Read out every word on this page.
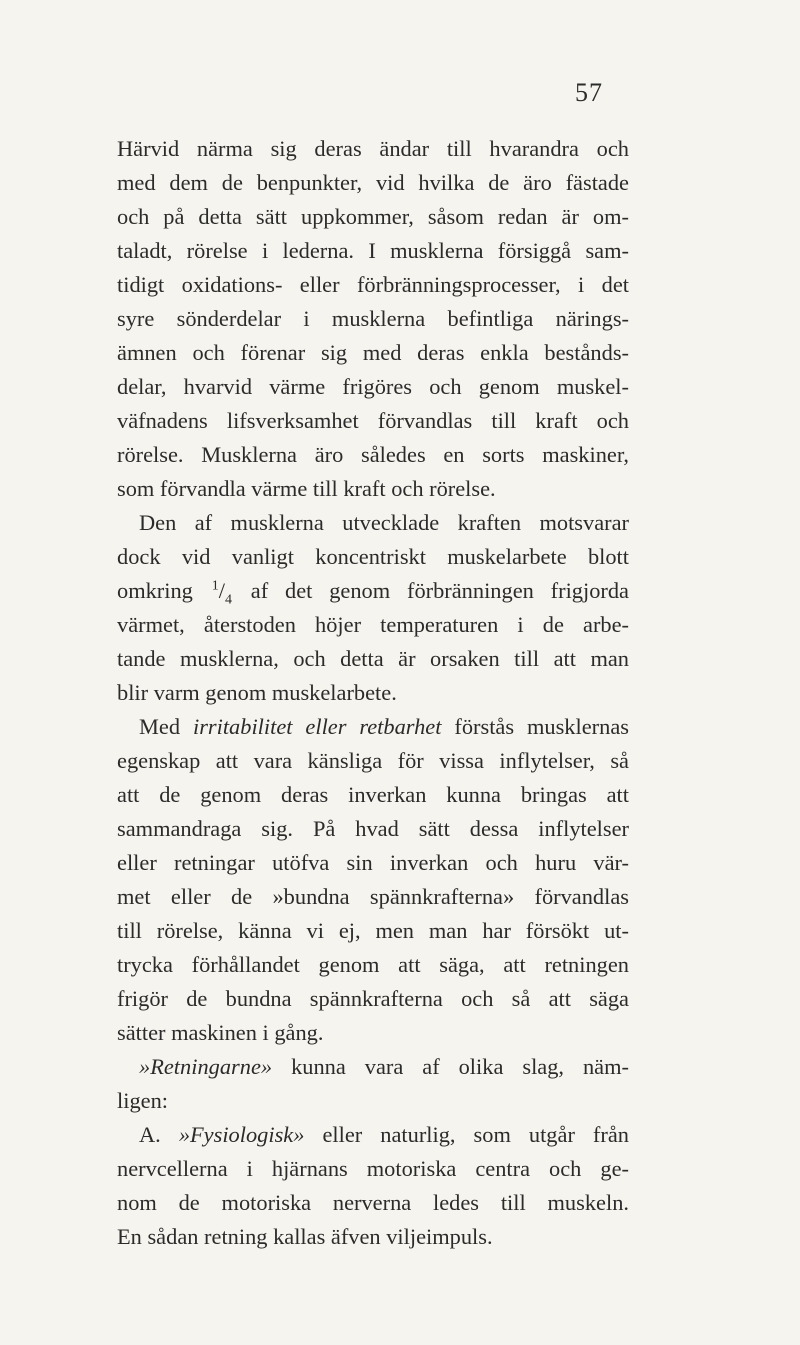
57
Härvid närma sig deras ändar till hvarandra och
med dem de benpunkter, vid hvilka de äro fästade
och på detta sätt uppkommer, såsom redan är om-
taladt, rörelse i lederna. I musklerna försiggå sam-
tidigt oxidations- eller förbränningsprocesser, i det
syre sönderdelar i musklerna befintliga närings-
ämnen och förenar sig med deras enkla bestånds-
delar, hvarvid värme frigöres och genom muskel-
väfnadens lifsverksamhet förvandlas till kraft och
rörelse. Musklerna äro således en sorts maskiner,
som förvandla värme till kraft och rörelse.
Den af musklerna utvecklade kraften motsvarar
dock vid vanligt koncentriskt muskelarbete blott
omkring $^1/_4$ af det genom förbränningen frigjorda
värmet, återstoden höjer temperaturen i de arbe-
tande musklerna, och detta är orsaken till att man
blir varm genom muskelarbete.
Med irritabilitet eller retbarhet förstås musklernas
egenskap att vara känsliga för vissa inflytelser, så
att de genom deras inverkan kunna bringas att
sammandraga sig. På hvad sätt dessa inflytelser
eller retningar utöfva sin inverkan och huru vär-
met eller de »bundna spännkrafterna» förvandlas
till rörelse, känna vi ej, men man har försökt ut-
trycka förhållandet genom att säga, att retningen
frigör de bundna spännkrafterna och så att säga
sätter maskinen i gång.
»Retningarne» kunna vara af olika slag, näm-
ligen:
A. »Fysiologisk» eller naturlig, som utgår från
nervcellerna i hjärnans motoriska centra och ge-
nom de motoriska nerverna ledes till muskeln.
En sådan retning kallas äfven viljeimpuls.
